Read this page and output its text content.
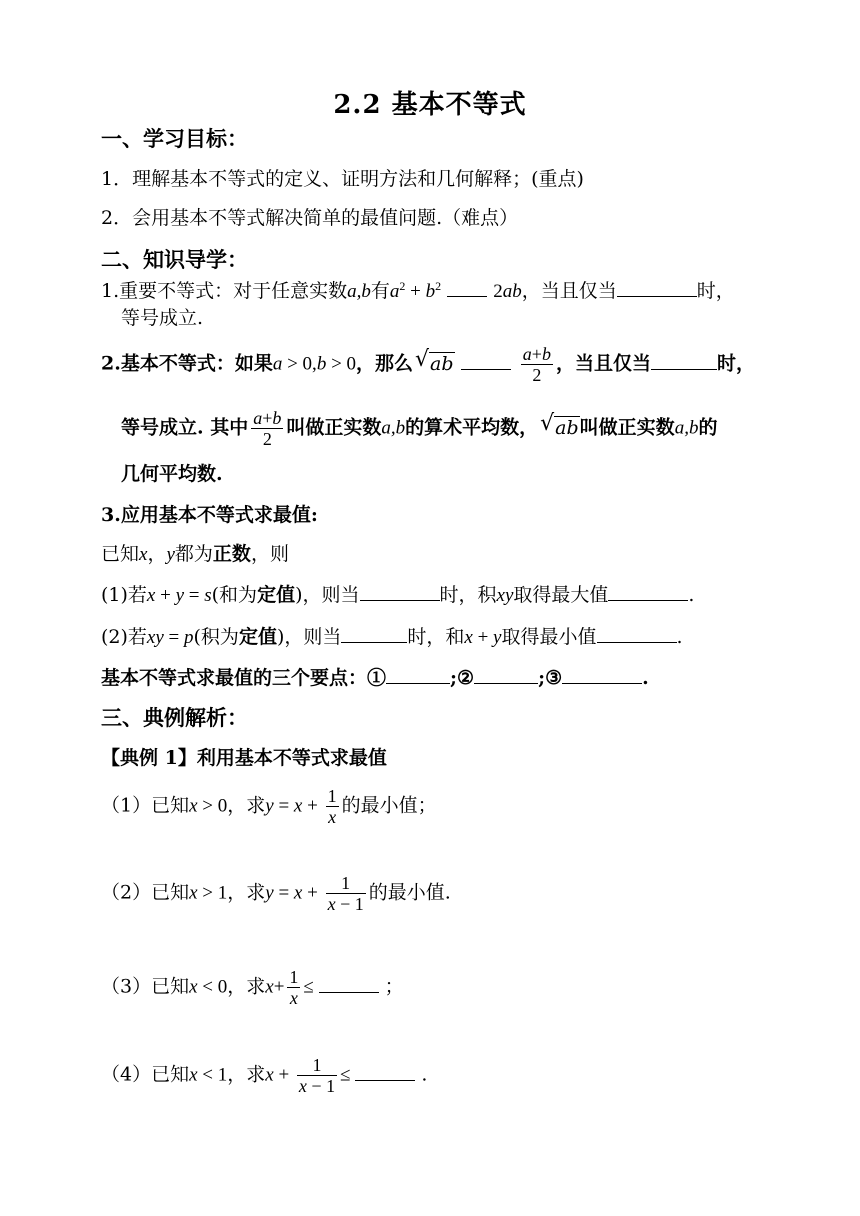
2.2 基本不等式
一、学习目标：
1．理解基本不等式的定义、证明方法和几何解释；(重点)
2．会用基本不等式解决简单的最值问题.（难点）
二、知识导学：
1.重要不等式：对于任意实数a,b有$a^2 + b^2$	2ab，当且仅当	时，
等号成立.
2.基本不等式：如果a > 0,b > 0，那么 √ ab	$\frac{a+b}{2}$ ，当且仅当	时，
等号成立. 其中 $\frac{a+b}{2}$ 叫做正实数a,b的算术平均数， √ ab叫做正实数a,b的
几何平均数.
3.应用基本不等式求最值:
已知x，y都为正数，则
(1)若x + y = s(和为定值)，则当	时，积xy取得最大值	.
(2)若xy = p(积为定值)，则当	时，和x + y取得最小值	.
基本不等式求最值的三个要点：①	;②	;③	.
三、典例解析：
【典例 1】利用基本不等式求最值
（1）已知x > 0，求$y = x + \frac{1}{x}$ 的最小值；
（2）已知x > 1，求$y = x + \frac{1}{x - 1}$ 的最小值.
（3）已知x < 0，求$x+ \frac{1}{x}$ ≤	；
（4）已知x < 1，求$x + \frac{1}{x - 1}$ ≤	.
